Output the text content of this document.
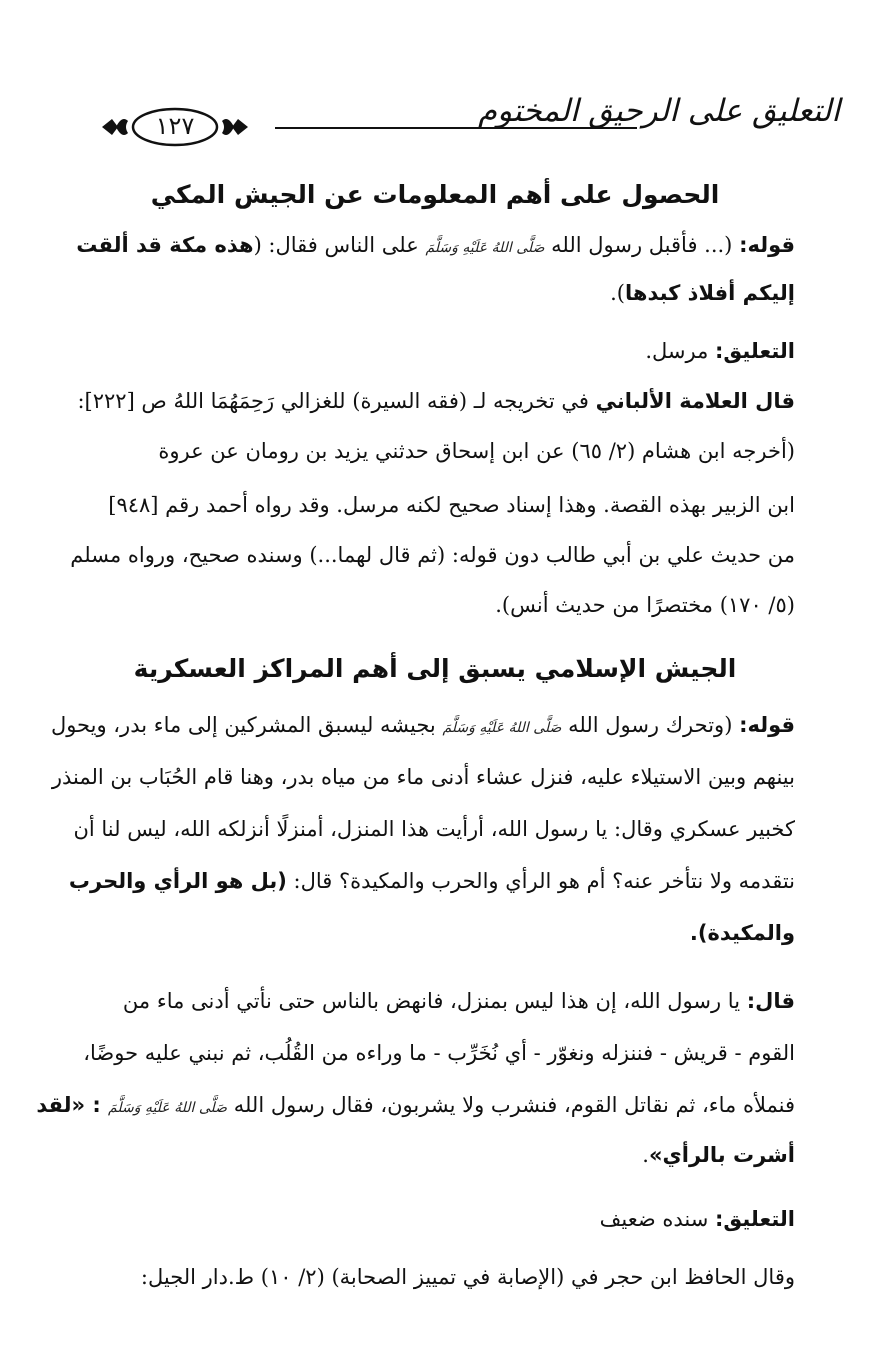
التعليق على الرحيق المختوم
١٢٧
الحصول على أهم المعلومات عن الجيش المكي
قوله: (... فأقبل رسول الله صَلَّى اللهُ عَلَيْهِ وَسَلَّمَ على الناس فقال: (هذه مكة قد ألقت
إليكم أفلاذ كبدها).
التعليق: مرسل.
قال العلامة الألباني في تخريجه لـ (فقه السيرة) للغزالي رَحِمَهُمَا اللهُ ص [٢٢٢]:
(أخرجه ابن هشام (٢/ ٦٥) عن ابن إسحاق حدثني يزيد بن رومان عن عروة
ابن الزبير بهذه القصة. وهذا إسناد صحيح لكنه مرسل. وقد رواه أحمد رقم [٩٤٨]
من حديث علي بن أبي طالب دون قوله: (ثم قال لهما...) وسنده صحيح، ورواه مسلم
(٥/ ١٧٠) مختصرًا من حديث أنس).
الجيش الإسلامي يسبق إلى أهم المراكز العسكرية
قوله: (وتحرك رسول الله صَلَّى اللهُ عَلَيْهِ وَسَلَّمَ بجيشه ليسبق المشركين إلى ماء بدر، ويحول
بينهم وبين الاستيلاء عليه، فنزل عشاء أدنى ماء من مياه بدر، وهنا قام الحُبَاب بن المنذر
كخبير عسكري وقال: يا رسول الله، أرأيت هذا المنزل، أمنزلًا أنزلكه الله، ليس لنا أن
نتقدمه ولا نتأخر عنه؟ أم هو الرأي والحرب والمكيدة؟ قال: (بل هو الرأي والحرب
والمكيدة).
قال: يا رسول الله، إن هذا ليس بمنزل، فانهض بالناس حتى نأتي أدنى ماء من
القوم - قريش - فننزله ونغوّر - أي نُخَرِّب - ما وراءه من القُلُب، ثم نبني عليه حوضًا،
فنملأه ماء، ثم نقاتل القوم، فنشرب ولا يشربون، فقال رسول الله صَلَّى اللهُ عَلَيْهِ وَسَلَّمَ : «لقد
أشرت بالرأي».
التعليق: سنده ضعيف
وقال الحافظ ابن حجر في (الإصابة في تمييز الصحابة) (٢/ ١٠) ط.دار الجيل:
